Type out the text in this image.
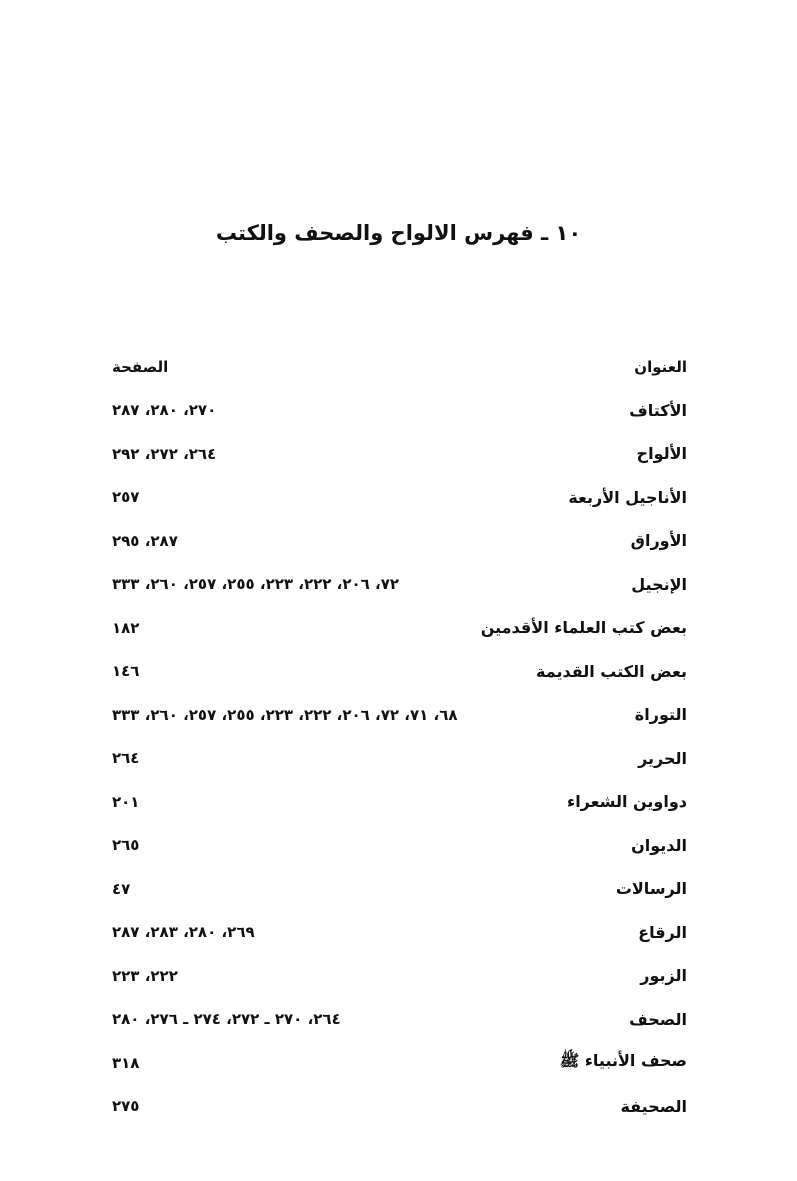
١٠ ـ فهرس الالواح والصحف والكتب
العنوان
الصفحة
الأكتاف
٢٧٠، ٢٨٠، ٢٨٧
الألواح
٢٦٤، ٢٧٢، ٢٩٢
الأناجيل الأربعة
٢٥٧
الأوراق
٢٨٧، ٢٩٥
الإنجيل
٧٢، ٢٠٦، ٢٢٢، ٢٢٣، ٢٥٥، ٢٥٧، ٢٦٠، ٣٣٣
بعض كتب العلماء الأقدمين
١٨٢
بعض الكتب القديمة
١٤٦
التوراة
٦٨، ٧١، ٧٢، ٢٠٦، ٢٢٢، ٢٢٣، ٢٥٥، ٢٥٧، ٢٦٠، ٣٣٣
الحرير
٢٦٤
دواوين الشعراء
٢٠١
الديوان
٢٦٥
الرسالات
٤٧
الرقاع
٢٦٩، ٢٨٠، ٢٨٣، ٢٨٧
الزبور
٢٢٢، ٢٢٣
الصحف
٢٦٤، ٢٧٠ ـ ٢٧٢، ٢٧٤ ـ ٢٧٦، ٢٨٠
صحف الأنبياء ﷺ
٣١٨
الصحيفة
٢٧٥
